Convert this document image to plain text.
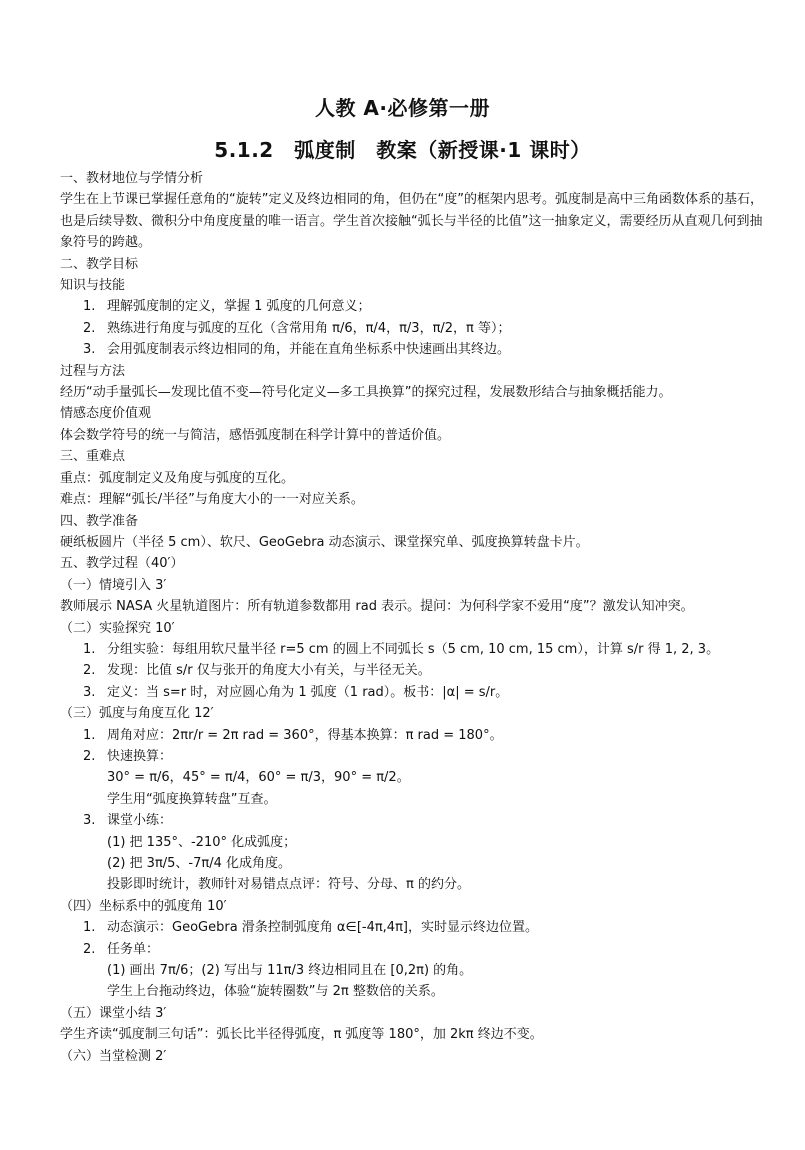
人教 A·必修第一册
5.1.2　弧度制　教案（新授课·1 课时）

一、教材地位与学情分析

学生在上节课已掌握任意角的“旋转”定义及终边相同的角，但仍在“度”的框架内思考。弧度制是高中三角函数体系的基石，也是后续导数、微积分中角度度量的唯一语言。学生首次接触“弧长与半径的比值”这一抽象定义，需要经历从直观几何到抽象符号的跨越。

二、教学目标

知识与技能

1. 理解弧度制的定义，掌握 1 弧度的几何意义；
2. 熟练进行角度与弧度的互化（含常用角 π/6，π/4，π/3，π/2，π 等）；
3. 会用弧度制表示终边相同的角，并能在直角坐标系中快速画出其终边。

过程与方法

经历“动手量弧长—发现比值不变—符号化定义—多工具换算”的探究过程，发展数形结合与抽象概括能力。

情感态度价值观

体会数学符号的统一与简洁，感悟弧度制在科学计算中的普适价值。

三、重难点

重点：弧度制定义及角度与弧度的互化。

难点：理解“弧长/半径”与角度大小的一一对应关系。

四、教学准备

硬纸板圆片（半径 5 cm）、软尺、GeoGebra 动态演示、课堂探究单、弧度换算转盘卡片。

五、教学过程（40′）

（一）情境引入 3′

教师展示 NASA 火星轨道图片：所有轨道参数都用 rad 表示。提问：为何科学家不爱用“度”？激发认知冲突。

（二）实验探究 10′

1. 分组实验：每组用软尺量半径 r=5 cm 的圆上不同弧长 s（5 cm, 10 cm, 15 cm），计算 s/r 得 1, 2, 3。
2. 发现：比值 s/r 仅与张开的角度大小有关，与半径无关。
3. 定义：当 s=r 时，对应圆心角为 1 弧度（1 rad）。板书：|α| = s/r。

（三）弧度与角度互化 12′

1. 周角对应：2πr/r = 2π rad = 360°，得基本换算：π rad = 180°。
2. 快速换算：
30° = π/6，45° = π/4，60° = π/3，90° = π/2。
学生用“弧度换算转盘”互查。
3. 课堂小练：
(1) 把 135°、-210° 化成弧度；
(2) 把 3π/5、-7π/4 化成角度。
投影即时统计，教师针对易错点点评：符号、分母、π 的约分。

（四）坐标系中的弧度角 10′

1. 动态演示：GeoGebra 滑条控制弧度角 α∈[-4π,4π]，实时显示终边位置。
2. 任务单：
(1) 画出 7π/6；(2) 写出与 11π/3 终边相同且在 [0,2π) 的角。
学生上台拖动终边，体验“旋转圈数”与 2π 整数倍的关系。

（五）课堂小结 3′

学生齐读“弧度制三句话”：弧长比半径得弧度，π 弧度等 180°，加 2kπ 终边不变。

（六）当堂检测 2′
